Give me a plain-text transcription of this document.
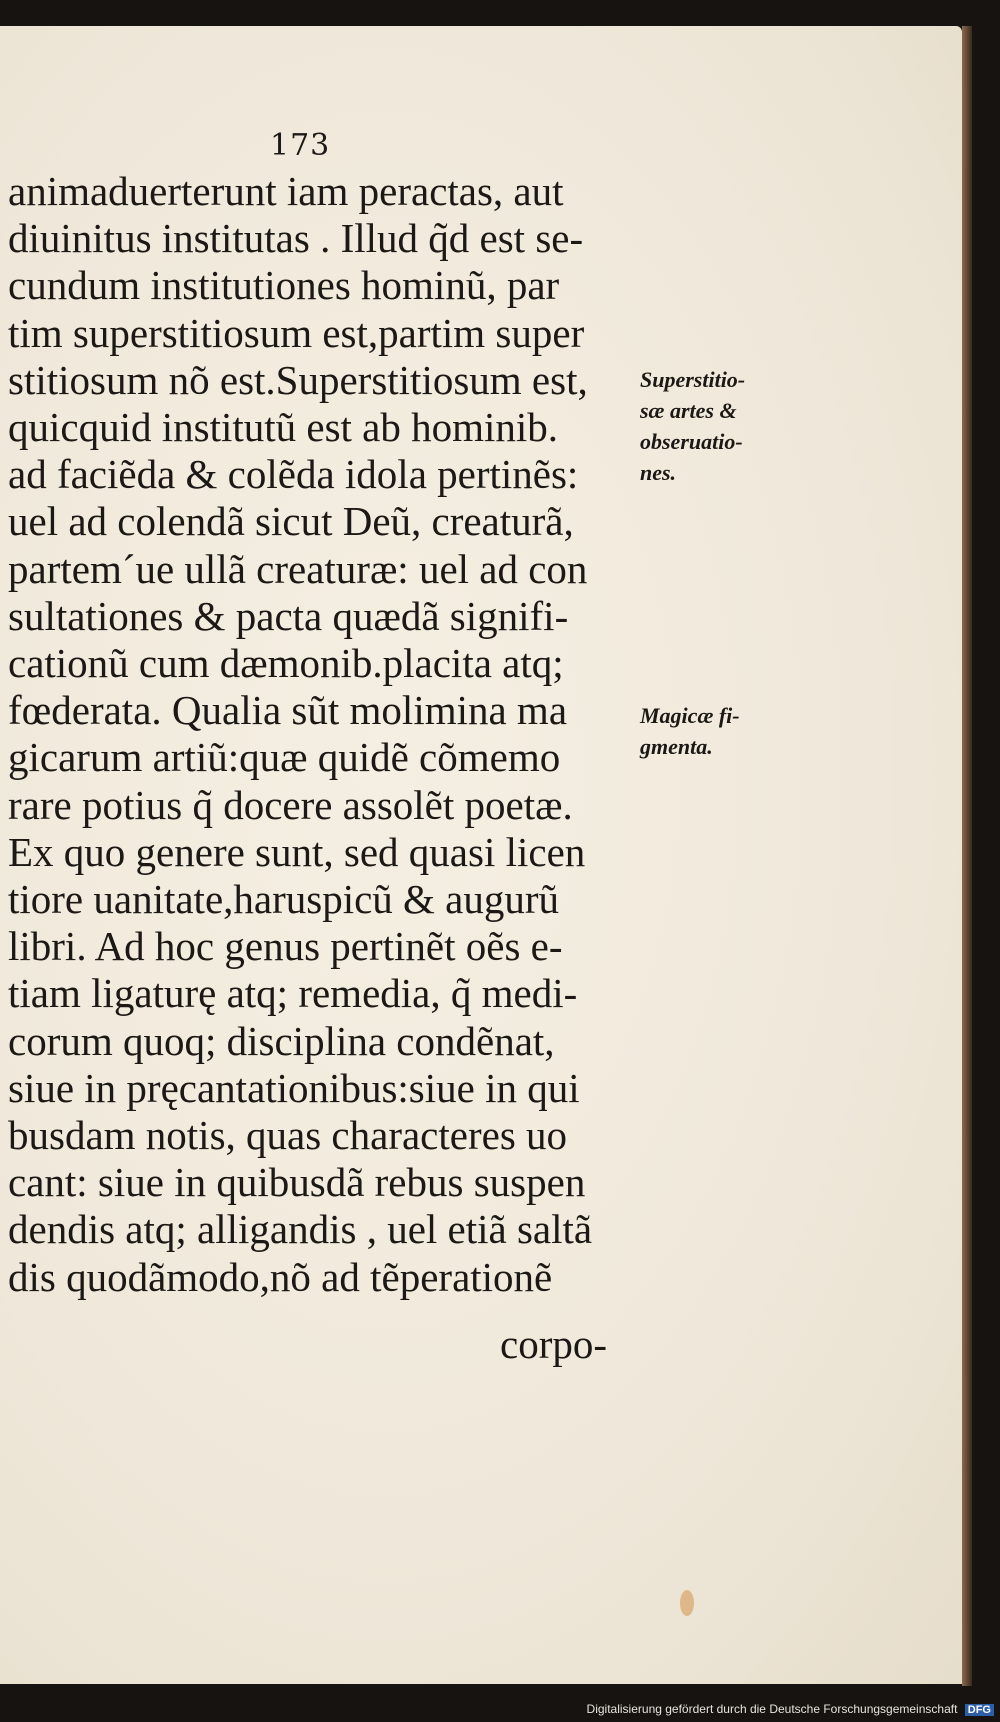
173
animaduerterunt iam peractas, aut
diuinitus institutas . Illud q̃d est se-
cundum institutiones hominũ, par
tim superstitiosum est,partim super
stitiosum nõ est.Superstitiosum est,
quicquid institutũ est ab hominib.
ad faciẽda & colẽda idola pertinẽs:
uel ad colendã sicut Deũ, creaturã,
partem´ue ullã creaturæ: uel ad con
sultationes & pacta quædã signifi-
cationũ cum dæmonib.placita atq;
fœderata. Qualia sũt molimina ma
gicarum artiũ:quæ quidẽ cõmemo
rare potius q̃ docere assolẽt poetæ.
Ex quo genere sunt, sed quasi licen
tiore uanitate,haruspicũ & augurũ
libri. Ad hoc genus pertinẽt oẽs e-
tiam ligaturę atq; remedia, q̃ medi-
corum quoq; disciplina condẽnat,
siue in pręcantationibus:siue in qui
busdam notis, quas characteres uo
cant: siue in quibusdã rebus suspen
dendis atq; alligandis , uel etiã saltã
dis quodãmodo,nõ ad tẽperationẽ
corpo-
Superstitio-
sæ artes &
obseruatio-
nes.
Magicæ fi-
gmenta.
Digitalisierung gefördert durch die Deutsche Forschungsgemeinschaft DFG
